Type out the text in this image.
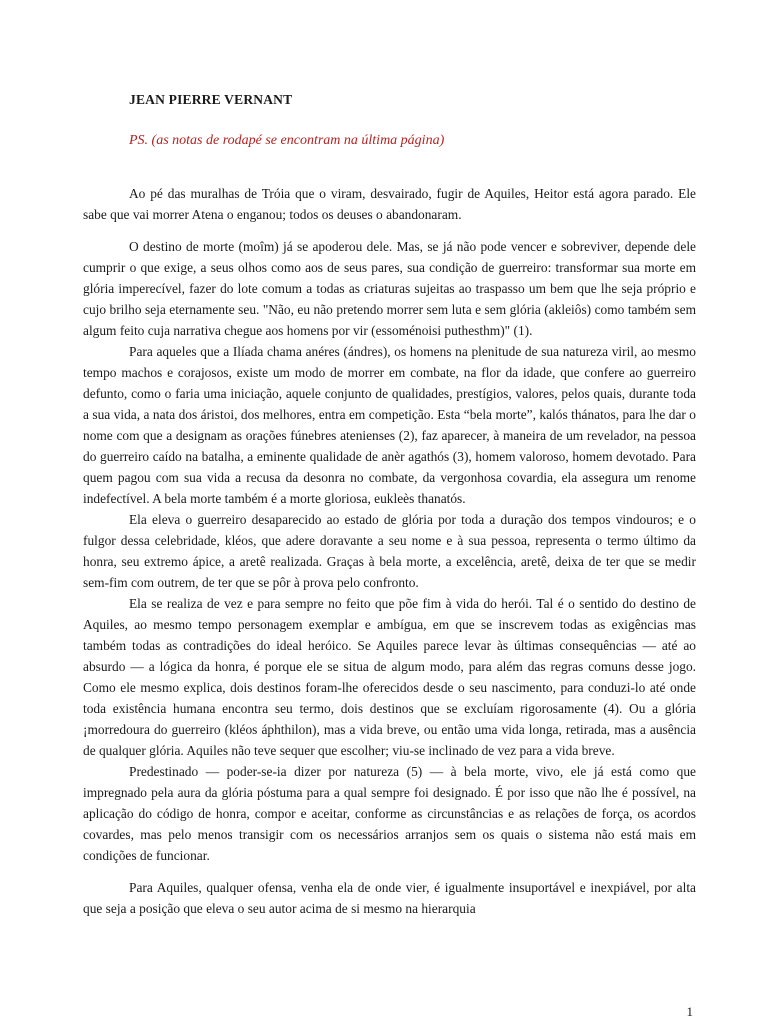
JEAN PIERRE VERNANT

PS. (as notas de rodapé se encontram na última página)

Ao pé das muralhas de Tróia que o viram, desvairado, fugir de Aquiles, Heitor está agora parado. Ele sabe que vai morrer Atena o enganou; todos os deuses o abandonaram.

O destino de morte (moîm) já se apoderou dele. Mas, se já não pode vencer e sobreviver, depende dele cumprir o que exige, a seus olhos como aos de seus pares, sua condição de guerreiro: transformar sua morte em glória imperecível, fazer do lote comum a todas as criaturas sujeitas ao traspasso um bem que lhe seja próprio e cujo brilho seja eternamente seu. "Não, eu não pretendo morrer sem luta e sem glória (akleiôs) como também sem algum feito cuja narrativa chegue aos homens por vir (essoménoisi puthesthm)" (1).

Para aqueles que a Ilíada chama anéres (ándres), os homens na plenitude de sua natureza viril, ao mesmo tempo machos e corajosos, existe um modo de morrer em combate, na flor da idade, que confere ao guerreiro defunto, como o faria uma iniciação, aquele conjunto de qualidades, prestígios, valores, pelos quais, durante toda a sua vida, a nata dos áristoi, dos melhores, entra em competição. Esta “bela morte”, kalós thánatos, para lhe dar o nome com que a designam as orações fúnebres atenienses (2), faz aparecer, à maneira de um revelador, na pessoa do guerreiro caído na batalha, a eminente qualidade de anèr agathós (3), homem valoroso, homem devotado. Para quem pagou com sua vida a recusa da desonra no combate, da vergonhosa covardia, ela assegura um renome indefectível. A bela morte também é a morte gloriosa, eukleès thanatós.

Ela eleva o guerreiro desaparecido ao estado de glória por toda a duração dos tempos vindouros; e o fulgor dessa celebridade, kléos, que adere doravante a seu nome e à sua pessoa, representa o termo último da honra, seu extremo ápice, a aretê realizada. Graças à bela morte, a excelência, aretê, deixa de ter que se medir sem-fim com outrem, de ter que se pôr à prova pelo confronto.

Ela se realiza de vez e para sempre no feito que põe fim à vida do herói. Tal é o sentido do destino de Aquiles, ao mesmo tempo personagem exemplar e ambígua, em que se inscrevem todas as exigências mas também todas as contradições do ideal heróico. Se Aquiles parece levar às últimas consequências — até ao absurdo — a lógica da honra, é porque ele se situa de algum modo, para além das regras comuns desse jogo. Como ele mesmo explica, dois destinos foram-lhe oferecidos desde o seu nascimento, para conduzi-lo até onde toda existência humana encontra seu termo, dois destinos que se excluíam rigorosamente (4). Ou a glória ¡morredoura do guerreiro (kléos áphthilon), mas a vida breve, ou então uma vida longa, retirada, mas a ausência de qualquer glória. Aquiles não teve sequer que escolher; viu-se inclinado de vez para a vida breve.

Predestinado — poder-se-ia dizer por natureza (5) — à bela morte, vivo, ele já está como que impregnado pela aura da glória póstuma para a qual sempre foi designado. É por isso que não lhe é possível, na aplicação do código de honra, compor e aceitar, conforme as circunstâncias e as relações de força, os acordos covardes, mas pelo menos transigir com os necessários arranjos sem os quais o sistema não está mais em condições de funcionar.

Para Aquiles, qualquer ofensa, venha ela de onde vier, é igualmente insuportável e inexpiável, por alta que seja a posição que eleva o seu autor acima de si mesmo na hierarquia

1
